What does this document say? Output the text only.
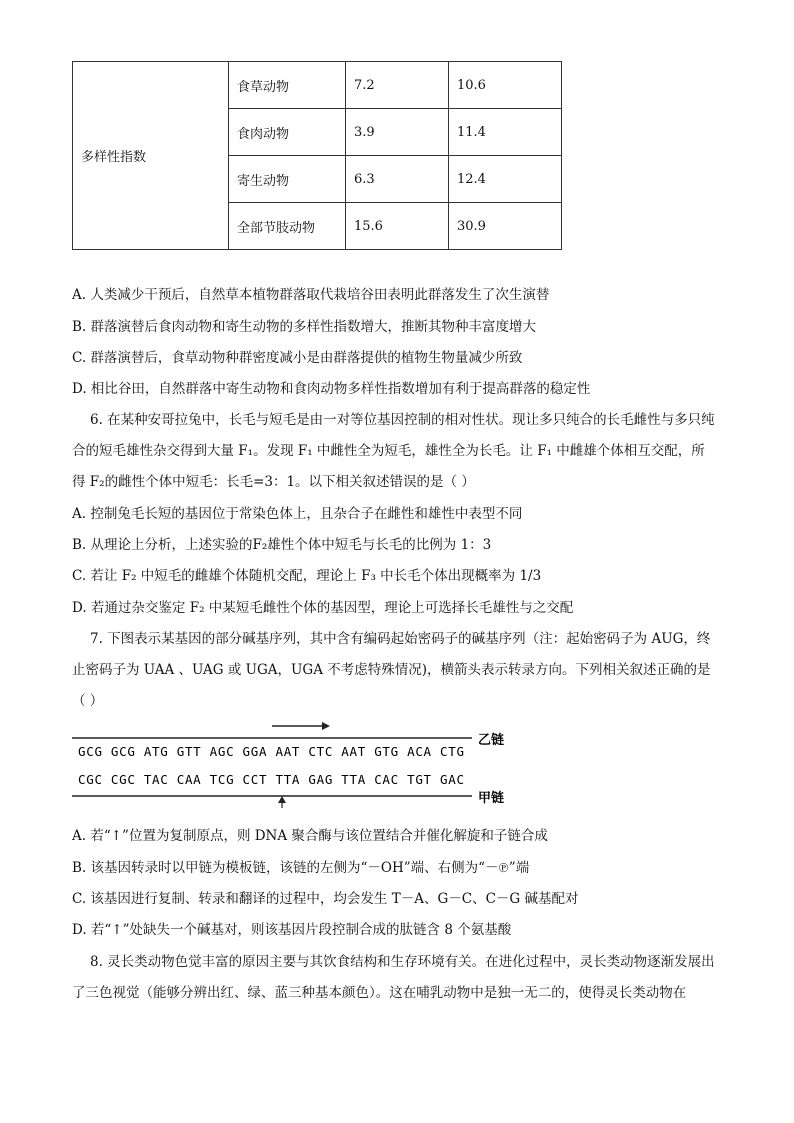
多样性指数	食草动物	7.2	10.6
	食肉动物	3.9	11.4
	寄生动物	6.3	12.4
	全部节肢动物	15.6	30.9
A. 人类减少干预后，自然草本植物群落取代栽培谷田表明此群落发生了次生演替
B. 群落演替后食肉动物和寄生动物的多样性指数增大，推断其物种丰富度增大
C. 群落演替后，食草动物种群密度减小是由群落提供的植物生物量减少所致
D. 相比谷田，自然群落中寄生动物和食肉动物多样性指数增加有利于提高群落的稳定性
6. 在某种安哥拉兔中，长毛与短毛是由一对等位基因控制的相对性状。现让多只纯合的长毛雌性与多只纯
合的短毛雄性杂交得到大量 F₁。发现 F₁ 中雌性全为短毛，雄性全为长毛。让 F₁ 中雌雄个体相互交配，所
得 F₂的雌性个体中短毛：长毛=3：1。以下相关叙述错误的是（ ）
A. 控制兔毛长短的基因位于常染色体上，且杂合子在雌性和雄性中表型不同
B. 从理论上分析，上述实验的F₂雄性个体中短毛与长毛的比例为 1：3
C. 若让 F₂ 中短毛的雌雄个体随机交配，理论上 F₃ 中长毛个体出现概率为 1/3
D. 若通过杂交鉴定 F₂ 中某短毛雌性个体的基因型，理论上可选择长毛雄性与之交配
7. 下图表示某基因的部分碱基序列，其中含有编码起始密码子的碱基序列（注：起始密码子为 AUG，终
止密码子为 UAA 、UAG 或 UGA，UGA 不考虑特殊情况)，横箭头表示转录方向。下列相关叙述正确的是
（ ）
GCG GCG ATG GTT AGC GGA AAT CTC AAT GTG ACA CTG
CGC CGC TAC CAA TCG CCT TTA GAG TTA CAC TGT GAC
乙链
甲链
A. 若“↑”位置为复制原点，则 DNA 聚合酶与该位置结合并催化解旋和子链合成
B. 该基因转录时以甲链为模板链，该链的左侧为“－OH”端、右侧为“－℗”端
C. 该基因进行复制、转录和翻译的过程中，均会发生 T－A、G－C、C－G 碱基配对
D. 若“↑”处缺失一个碱基对，则该基因片段控制合成的肽链含 8 个氨基酸
8. 灵长类动物色觉丰富的原因主要与其饮食结构和生存环境有关。在进化过程中，灵长类动物逐渐发展出
了三色视觉（能够分辨出红、绿、蓝三种基本颜色）。这在哺乳动物中是独一无二的，使得灵长类动物在
